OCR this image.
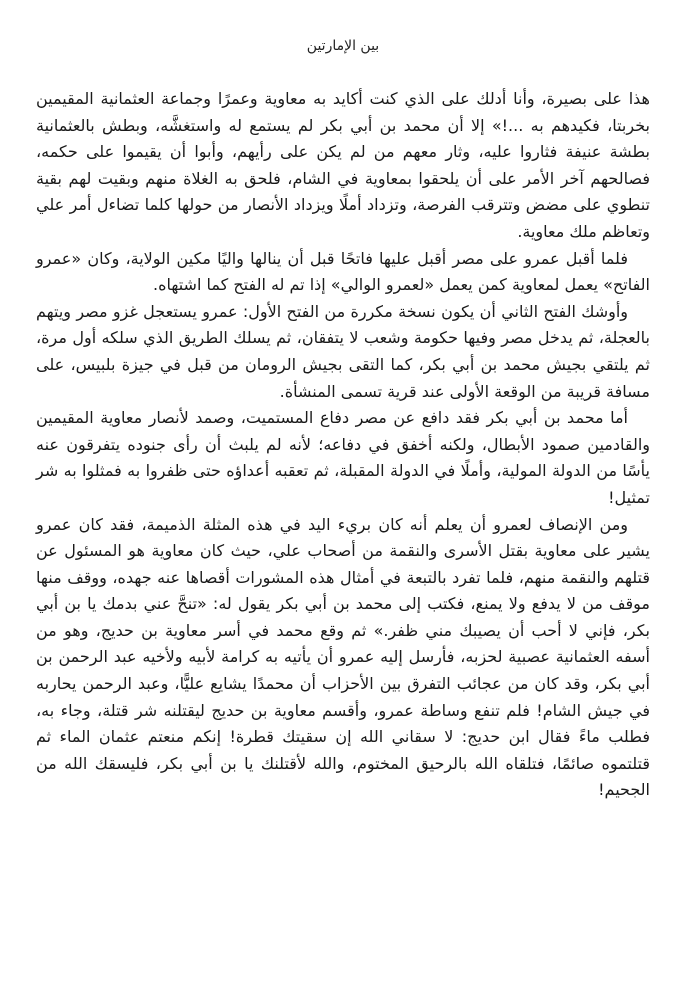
بين الإمارتين

هذا على بصيرة، وأنا أدلك على الذي كنت أكايد به معاوية وعمرًا وجماعة العثمانية المقيمين بخربتا، فكيدهم به ...!» إلا أن محمد بن أبي بكر لم يستمع له واستغشَّه، وبطش بالعثمانية بطشة عنيفة فثاروا عليه، وثار معهم من لم يكن على رأيهم، وأبوا أن يقيموا على حكمه، فصالحهم آخر الأمر على أن يلحقوا بمعاوية في الشام، فلحق به الغلاة منهم وبقيت لهم بقية تنطوي على مضض وتترقب الفرصة، وتزداد أملًا ويزداد الأنصار من حولها كلما تضاءل أمر علي وتعاظم ملك معاوية.

فلما أقبل عمرو على مصر أقبل عليها فاتحًا قبل أن ينالها واليًا مكين الولاية، وكان «عمرو الفاتح» يعمل لمعاوية كمن يعمل «لعمرو الوالي» إذا تم له الفتح كما اشتهاه.

وأوشك الفتح الثاني أن يكون نسخة مكررة من الفتح الأول: عمرو يستعجل غزو مصر ويتهم بالعجلة، ثم يدخل مصر وفيها حكومة وشعب لا يتفقان، ثم يسلك الطريق الذي سلكه أول مرة، ثم يلتقي بجيش محمد بن أبي بكر، كما التقى بجيش الرومان من قبل في جيزة بلبيس، على مسافة قريبة من الوقعة الأولى عند قرية تسمى المنشأة.

أما محمد بن أبي بكر فقد دافع عن مصر دفاع المستميت، وصمد لأنصار معاوية المقيمين والقادمين صمود الأبطال، ولكنه أخفق في دفاعه؛ لأنه لم يلبث أن رأى جنوده يتفرقون عنه يأسًا من الدولة المولية، وأملًا في الدولة المقبلة، ثم تعقبه أعداؤه حتى ظفروا به فمثلوا به شر تمثيل!

ومن الإنصاف لعمرو أن يعلم أنه كان بريء اليد في هذه المثلة الذميمة، فقد كان عمرو يشير على معاوية بقتل الأسرى والنقمة من أصحاب علي، حيث كان معاوية هو المسئول عن قتلهم والنقمة منهم، فلما تفرد بالتبعة في أمثال هذه المشورات أقصاها عنه جهده، ووقف منها موقف من لا يدفع ولا يمنع، فكتب إلى محمد بن أبي بكر يقول له: «تنحَّ عني بدمك يا بن أبي بكر، فإني لا أحب أن يصيبك مني ظفر.» ثم وقع محمد في أسر معاوية بن حديج، وهو من أسفه العثمانية عصبية لحزبه، فأرسل إليه عمرو أن يأتيه به كرامة لأبيه ولأخيه عبد الرحمن بن أبي بكر، وقد كان من عجائب التفرق بين الأحزاب أن محمدًا يشايع عليًّا، وعبد الرحمن يحاربه في جيش الشام! فلم تنفع وساطة عمرو، وأقسم معاوية بن حديج ليقتلنه شر قتلة، وجاء به، فطلب ماءً فقال ابن حديج: لا سقاني الله إن سقيتك قطرة! إنكم منعتم عثمان الماء ثم قتلتموه صائمًا، فتلقاه الله بالرحيق المختوم، والله لأقتلنك يا بن أبي بكر، فليسقك الله من الجحيم!
